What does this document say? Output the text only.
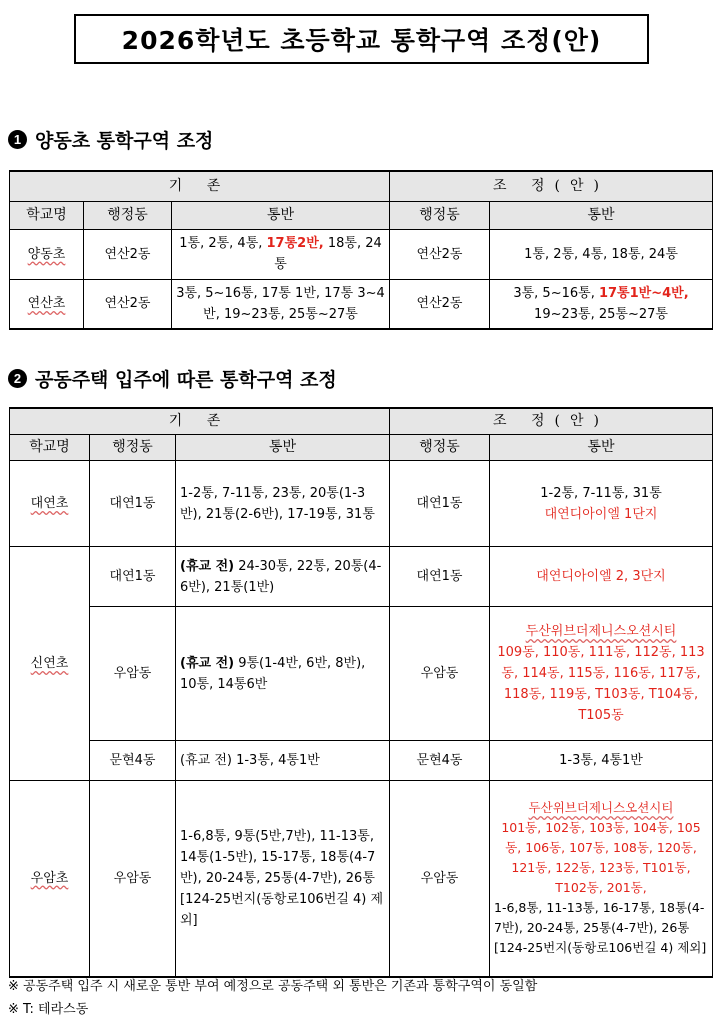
2026학년도 초등학교 통학구역 조정(안)
1 양동초 통학구역 조정
기 존			조 정(안)	
학교명	행정동	통반	행정동	통반
양동초	연산2동	1통, 2통, 4통, 17통2반, 18통, 24통	연산2동	1통, 2통, 4통, 18통, 24통
연산초	연산2동	3통, 5~16통, 17통 1반, 17통 3~4반, 19~23통, 25통~27통	연산2동	3통, 5~16통, 17통1반~4반, 19~23통, 25통~27통
2 공동주택 입주에 따른 통학구역 조정
기 존			조 정(안)	
학교명	행정동	통반	행정동	통반
대연초	대연1동	1-2통, 7-11통, 23통, 20통(1-3반), 21통(2-6반), 17-19통, 31통	대연1동	1-2통, 7-11통, 31통
대연디아이엘 1단지

신연초	대연1동	(휴교 전) 24-30통, 22통, 20통(4-6반), 21통(1반)	대연1동	대연디아이엘 2, 3단지
	우암동	(휴교 전) 9통(1-4반, 6반, 8반), 10통, 14통6반	우암동	두산위브더제니스오션시티
109동, 110동, 111동, 112동, 113동, 114동, 115동, 116동, 117동, 118동, 119동, T103동, T104동, T105동

	문현4동	(휴교 전) 1-3통, 4통1반	문현4동	1-3통, 4통1반
우암초	우암동	1-6,8통, 9통(5반,7반), 11-13통, 14통(1-5반), 15-17통, 18통(4-7반), 20-24통, 25통(4-7반), 26통[124-25번지(동항로106번길 4) 제외]	우암동	두산위브더제니스오션시티
101동, 102동, 103동, 104동, 105동, 106동, 107동, 108동, 120동, 121동, 122동, 123동, T101동, T102동, 201동,
1-6,8통, 11-13통, 16-17통, 18통(4-7반), 20-24통, 25통(4-7반), 26통[124-25번지(동항로106번길 4) 제외]
※ 공동주택 입주 시 새로운 통반 부여 예정으로 공동주택 외 통반은 기존과 통학구역이 동일함
※ T: 테라스동
